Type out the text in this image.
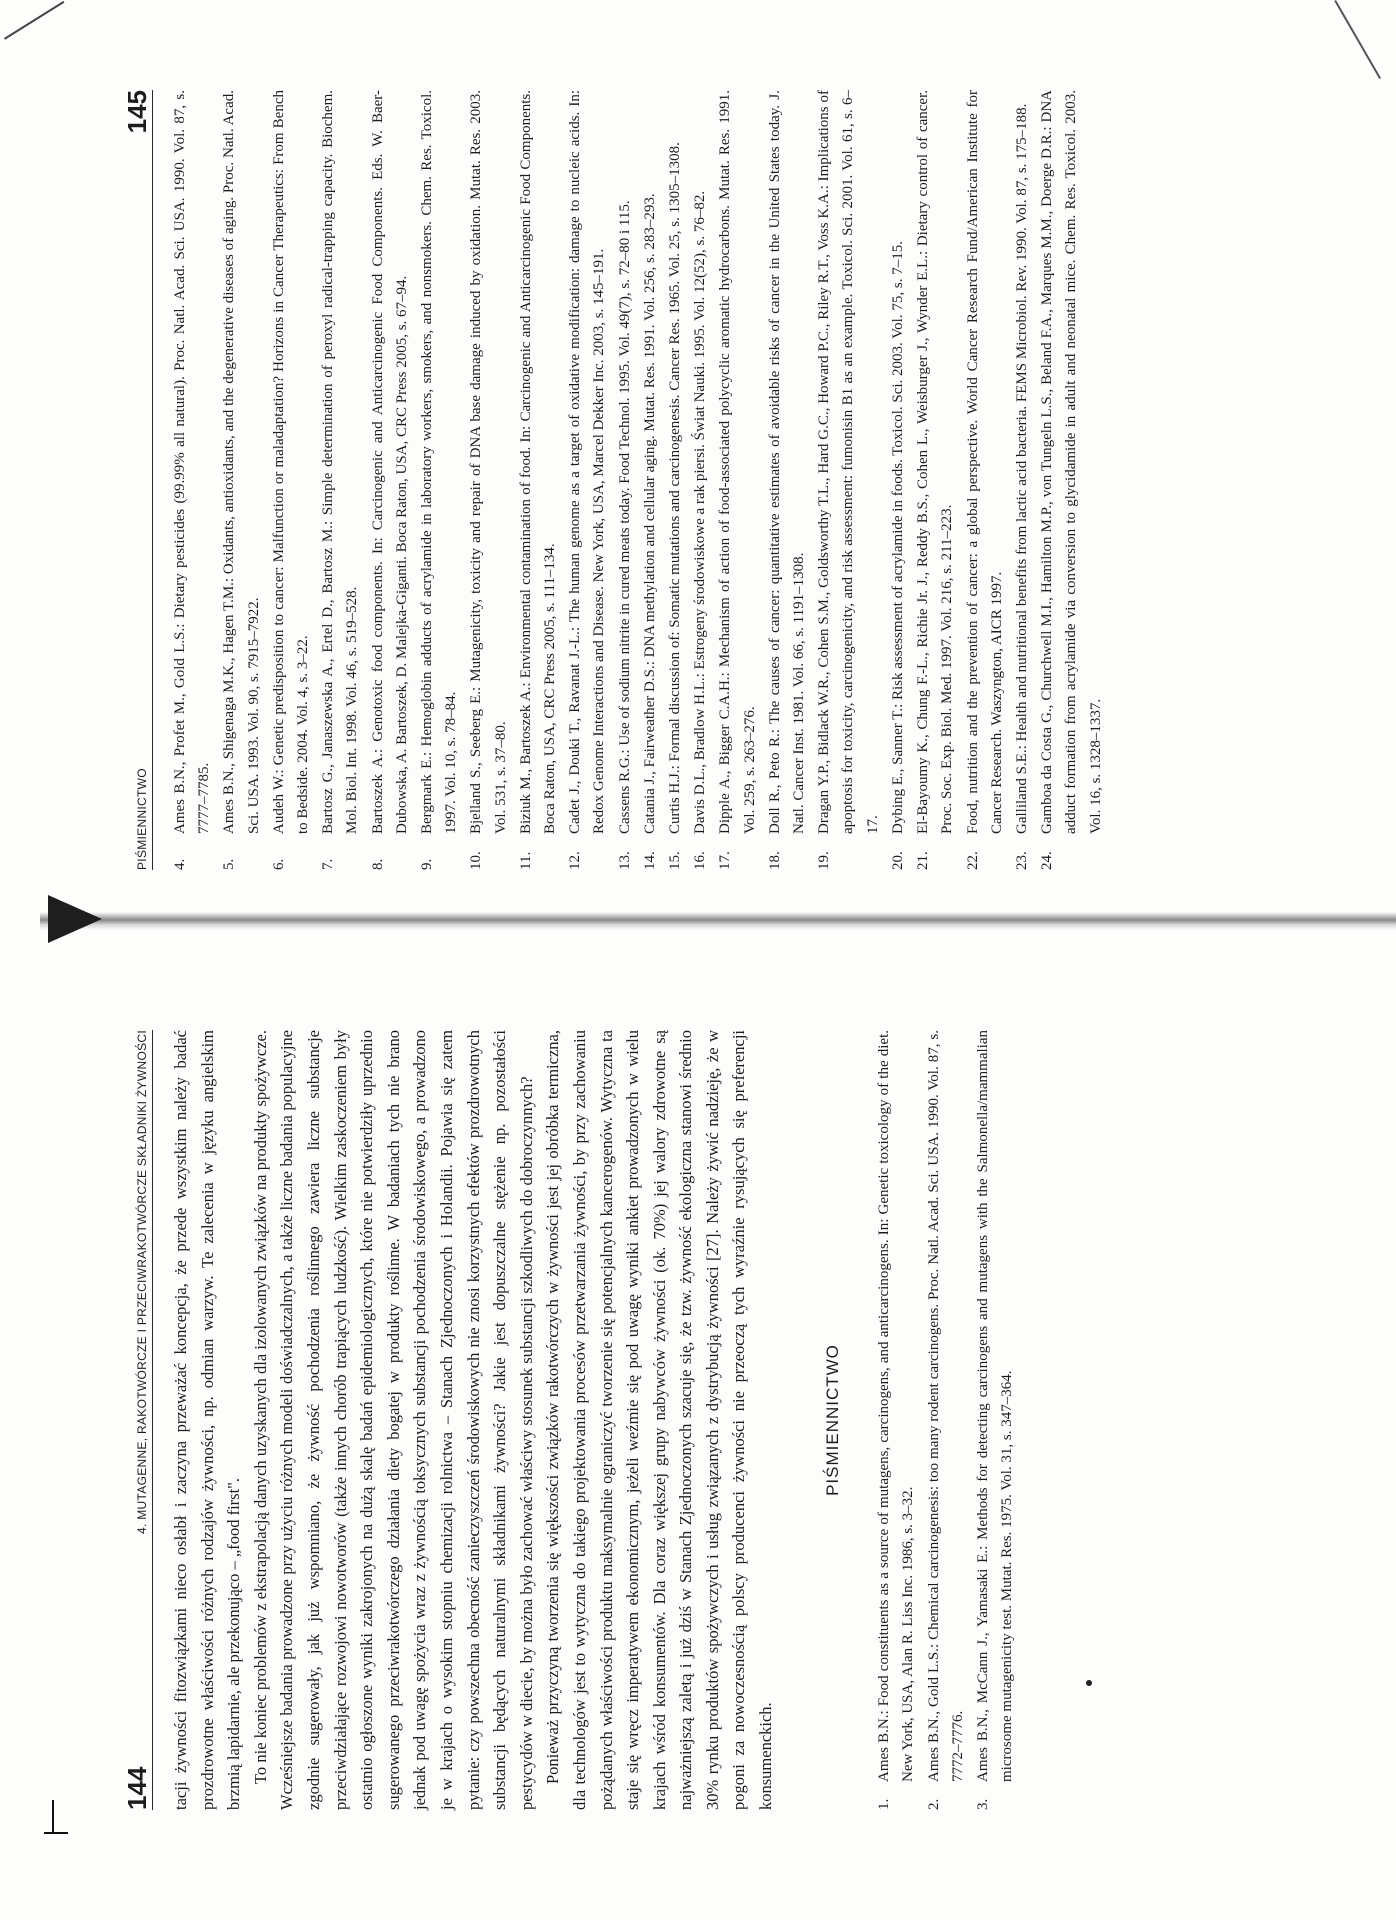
144
4. MUTAGENNE, RAKOTWÓRCZE I PRZECIWRAKOTWÓRCZE SKŁADNIKI ŻYWNOŚCI tacji żywności fitozwiązkami nieco osłabł i zaczyna przeważać koncepcja, że przede wszystkim należy badać prozdrowotne właściwości różnych rodzajów żywności, np. odmian warzyw. Te zalecenia w języku angielskim brzmią lapidarnie, ale przekonująco – „food first". To nie koniec problemów z ekstrapolacją danych uzyskanych dla izolowanych związków na produkty spożywcze. Wcześniejsze badania prowadzone przy użyciu różnych modeli doświadczalnych, a także liczne badania populacyjne zgodnie sugerowały, jak już wspomniano, że żywność pochodzenia roślinnego zawiera liczne substancje przeciwdziałające rozwojowi nowotworów (także innych chorób trapiących ludzkość). Wielkim zaskoczeniem były ostatnio ogłoszone wyniki zakrojonych na dużą skalę badań epidemiologicznych, które nie potwierdziły uprzednio sugerowanego przeciwrakotwórczego działania diety bogatej w produkty roślinne. W badaniach tych nie brano jednak pod uwagę spożycia wraz z żywnością toksycznych substancji pochodzenia środowiskowego, a prowadzono je w krajach o wysokim stopniu chemizacji rolnictwa – Stanach Zjednoczonych i Holandii. Pojawia się zatem pytanie: czy powszechna obecność zanieczyszczeń środowiskowych nie znosi korzystnych efektów prozdrowotnych substancji będących naturalnymi składnikami żywności? Jakie jest dopuszczalne stężenie np. pozostałości pestycydów w diecie, by można było zachować właściwy stosunek substancji szkodliwych do dobroczynnych? Ponieważ przyczyną tworzenia się większości związków rakotwórczych w żywności jest jej obróbka termiczna, dla technologów jest to wytyczna do takiego projektowania procesów przetwarzania żywności, by przy zachowaniu pożądanych właściwości produktu maksymalnie ograniczyć tworzenie się potencjalnych kancerogenów. Wytyczna ta staje się wręcz imperatywem ekonomicznym, jeżeli weźmie się pod uwagę wyniki ankiet prowadzonych w wielu krajach wśród konsumentów. Dla coraz większej grupy nabywców żywności (ok. 70%) jej walory zdrowotne są najważniejszą zaletą i już dziś w Stanach Zjednoczonych szacuje się, że tzw. żywność ekologiczna stanowi średnio 30% rynku produktów spożywczych i usług związanych z dystrybucją żywności [27]. Należy żywić nadzieję, że w pogoni za nowoczesnością polscy producenci żywności nie przeoczą tych wyraźnie rysujących się preferencji konsumenckich.

PIŚMIENNICTWO
1.
Ames B.N.: Food constituents as a source of mutagens, carcinogens, and anticarcinogens. In: Genetic toxicology of the diet. New York, USA, Alan R. Liss Inc. 1986, s. 3–32.
2.
Ames B.N., Gold L.S.: Chemical carcinogenesis: too many rodent carcinogens. Proc. Natl. Acad. Sci. USA. 1990. Vol. 87, s. 7772–7776.
3.
Ames B.N., McCann J., Yamasaki E.: Methods for detecting carcinogens and mutagens with the Salmonella/mammalian microsome mutagenicity test. Mutat. Res. 1975. Vol. 31, s. 347–364.
PIŚMIENNICTWO
145
4.
Ames B.N., Profet M., Gold L.S.: Dietary pesticides (99.99% all natural). Proc. Natl. Acad. Sci. USA. 1990. Vol. 87, s. 7777–7785.
5.
Ames B.N., Shigenaga M.K., Hagen T.M.: Oxidants, antioxidants, and the degenerative diseases of aging. Proc. Natl. Acad. Sci. USA. 1993. Vol. 90, s. 7915–7922.
6.
Audeh W.: Genetic predisposition to cancer: Malfunction or maladaptation? Horizons in Cancer Therapeutics: From Bench to Bedside. 2004. Vol. 4, s. 3–22.
7.
Bartosz G., Janaszewska A., Ertel D., Bartosz M.: Simple determination of peroxyl radical-trapping capacity. Biochem. Mol. Biol. Int. 1998. Vol. 46, s. 519–528.
8.
Bartoszek A.: Genotoxic food components. In: Carcinogenic and Anticarcinogenic Food Components. Eds. W. Baer-Dubowska, A. Bartoszek, D. Malejka-Giganti. Boca Raton, USA, CRC Press 2005, s. 67–94.
9.
Bergmark E.: Hemoglobin adducts of acrylamide in laboratory workers, smokers, and nonsmokers. Chem. Res. Toxicol. 1997. Vol. 10, s. 78–84.
10.
Bjelland S., Seeberg E.: Mutagenicity, toxicity and repair of DNA base damage induced by oxidation. Mutat. Res. 2003. Vol. 531, s. 37–80.
11.
Biziuk M., Bartoszek A.: Environmental contamination of food. In: Carcinogenic and Anticarcinogenic Food Components. Boca Raton, USA, CRC Press 2005, s. 111–134.
12.
Cadet J., Douki T., Ravanat J.-L.: The human genome as a target of oxidative modification: damage to nucleic acids. In: Redox Genome Interactions and Disease. New York, USA, Marcel Dekker Inc. 2003, s. 145–191.
13.
Cassens R.G.: Use of sodium nitrite in cured meats today. Food Technol. 1995. Vol. 49(7), s. 72–80 i 115.
14.
Catania J., Fairweather D.S.: DNA methylation and cellular aging. Mutat. Res. 1991. Vol. 256, s. 283–293.
15.
Curtis H.J.: Formal discussion of: Somatic mutations and carcinogenesis. Cancer Res. 1965. Vol. 25, s. 1305–1308.
16.
Davis D.L., Bradlow H.L.: Estrogeny środowiskowe a rak piersi. Świat Nauki. 1995. Vol. 12(52), s. 76–82.
17.
Dipple A., Bigger C.A.H.: Mechanism of action of food-associated polycyclic aromatic hydrocarbons. Mutat. Res. 1991. Vol. 259, s. 263–276.
18.
Doll R., Peto R.: The causes of cancer: quantitative estimates of avoidable risks of cancer in the United States today. J. Natl. Cancer Inst. 1981. Vol. 66, s. 1191–1308.
19.
Dragan Y.P., Bidlack W.R., Cohen S.M., Goldsworthy T.L., Hard G.C., Howard P.C., Riley R.T., Voss K.A.: Implications of apoptosis for toxicity, carcinogenicity, and risk assessment: fumonisin B1 as an example. Toxicol. Sci. 2001. Vol. 61, s. 6–17.
20.
Dybing E., Sanner T.: Risk assessment of acrylamide in foods. Toxicol. Sci. 2003. Vol. 75, s. 7–15.
21.
El-Bayoumy K., Chung F.-L., Richie Jr. J., Reddy B.S., Cohen L., Weisburger J., Wynder E.L.: Dietary control of cancer. Proc. Soc. Exp. Biol. Med. 1997. Vol. 216, s. 211–223.
22.
Food, nutrition and the prevention of cancer: a global perspective. World Cancer Research Fund/American Institute for Cancer Research. Waszyngton, AICR 1997.
23.
Galliland S.E.: Health and nutritional benefits from lactic acid bacteria. FEMS Microbiol. Rev. 1990. Vol. 87, s. 175–188.
24.
Gamboa da Costa G., Churchwell M.I., Hamilton M.P., von Tungeln L.S., Beland F.A., Marques M.M., Doerge D.R.: DNA adduct formation from acrylamide via conversion to glycidamide in adult and neonatal mice. Chem. Res. Toxicol. 2003. Vol. 16, s. 1328–1337.
